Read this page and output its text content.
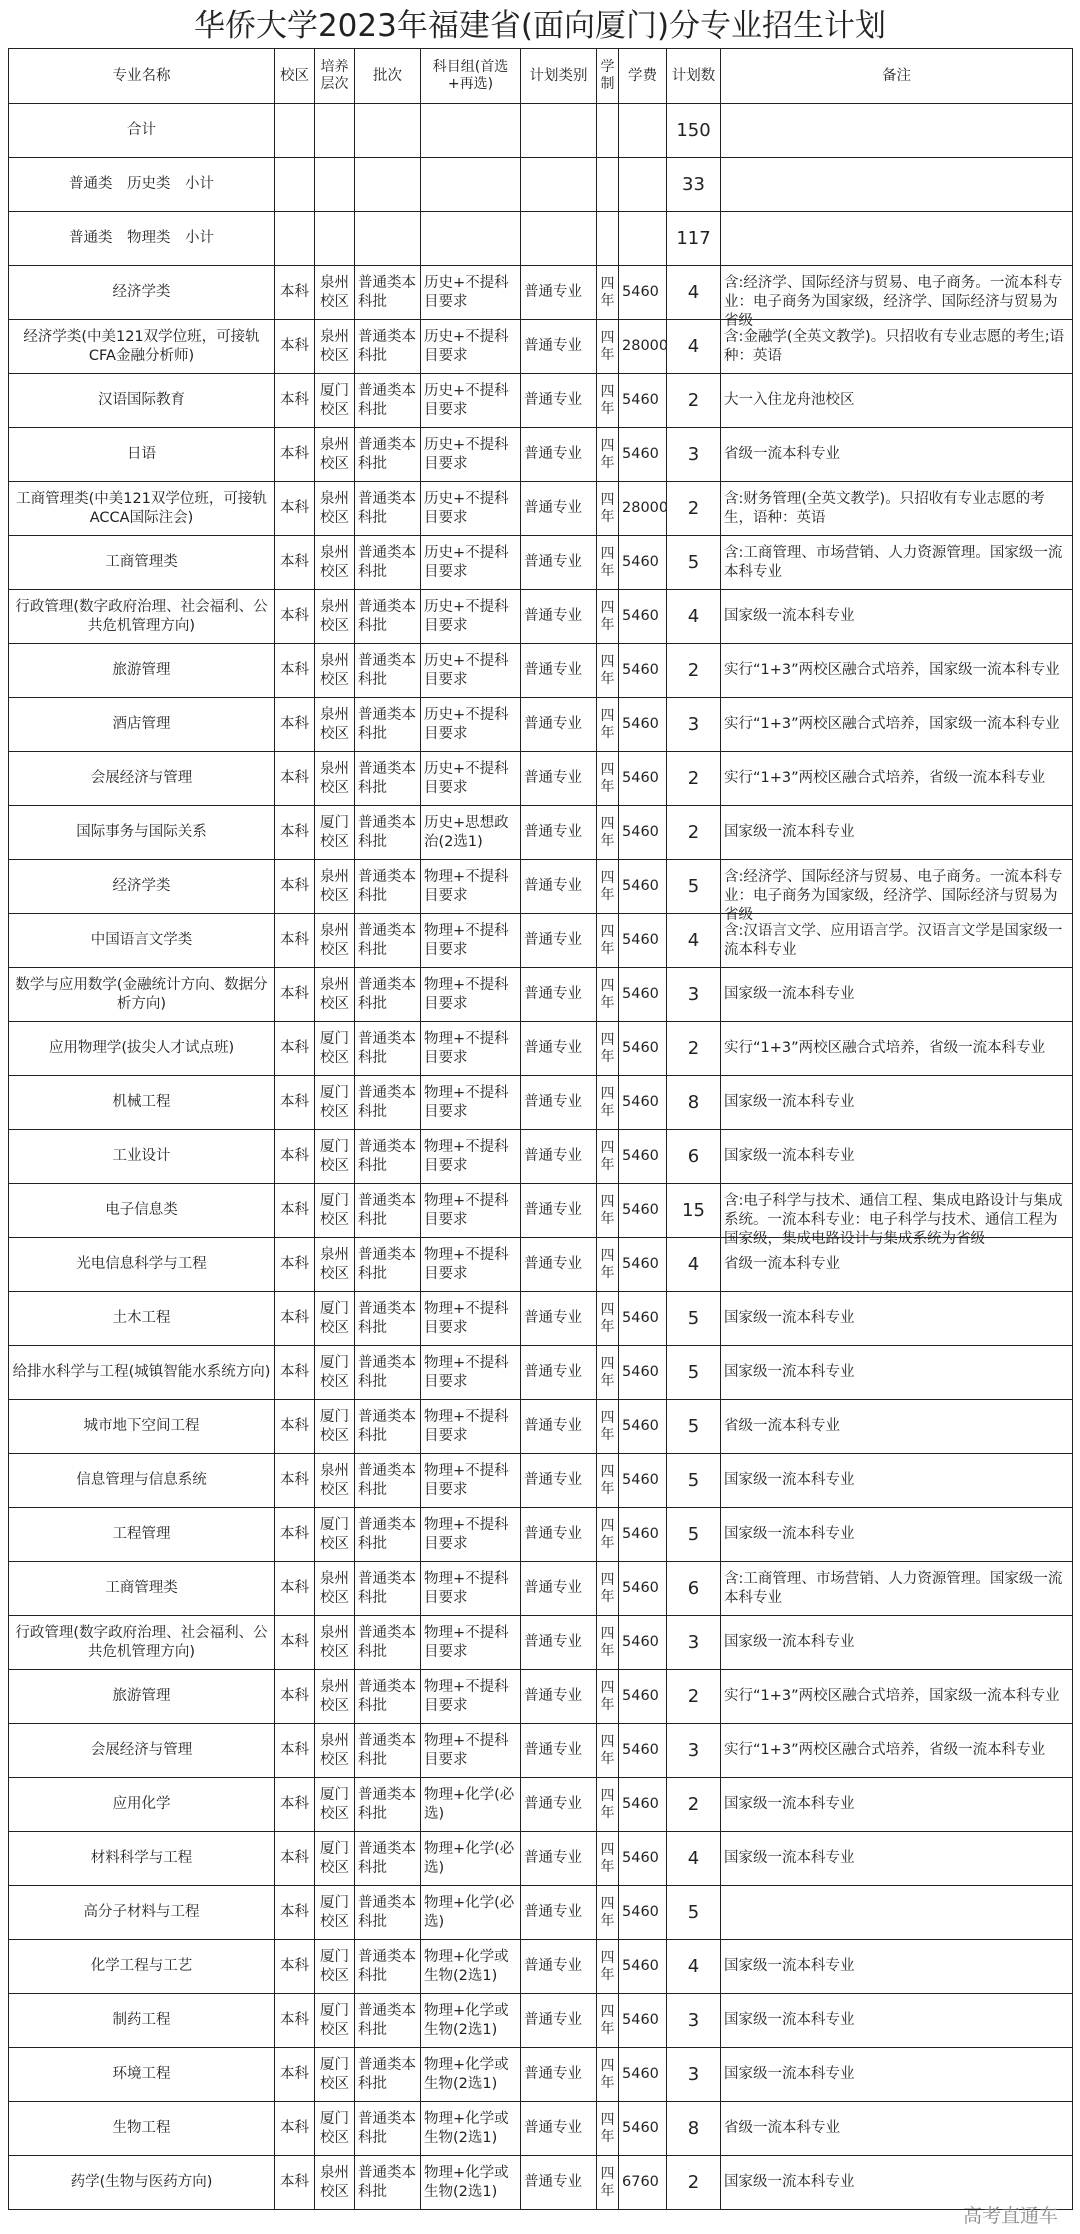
华侨大学2023年福建省(面向厦门)分专业招生计划
专业名称	校区	培养层次	批次	科目组(首选+再选)	计划类别	学制	学费	计划数	备注
合计								150	
普通类　历史类　小计								33	
普通类　物理类　小计								117	

经济学类	本科	泉州校区	普通类本科批	历史+不提科目要求	普通专业	四年	5460	4	含:经济学、国际经济与贸易、电子商务。一流本科专业：电子商务为国家级，经济学、国际经济与贸易为省级

经济学类(中美121双学位班，可接轨CFA金融分析师)	本科	泉州校区	普通类本科批	历史+不提科目要求	普通专业	四年	28000	4	含:金融学(全英文教学)。只招收有专业志愿的考生;语种：英语

汉语国际教育	本科	厦门校区	普通类本科批	历史+不提科目要求	普通专业	四年	5460	2	大一入住龙舟池校区

日语	本科	泉州校区	普通类本科批	历史+不提科目要求	普通专业	四年	5460	3	省级一流本科专业

工商管理类(中美121双学位班，可接轨ACCA国际注会)	本科	泉州校区	普通类本科批	历史+不提科目要求	普通专业	四年	28000	2	含:财务管理(全英文教学)。只招收有专业志愿的考生，语种：英语

工商管理类	本科	泉州校区	普通类本科批	历史+不提科目要求	普通专业	四年	5460	5	含:工商管理、市场营销、人力资源管理。国家级一流本科专业

行政管理(数字政府治理、社会福利、公共危机管理方向)	本科	泉州校区	普通类本科批	历史+不提科目要求	普通专业	四年	5460	4	国家级一流本科专业

旅游管理	本科	泉州校区	普通类本科批	历史+不提科目要求	普通专业	四年	5460	2	实行“1+3”两校区融合式培养，国家级一流本科专业

酒店管理	本科	泉州校区	普通类本科批	历史+不提科目要求	普通专业	四年	5460	3	实行“1+3”两校区融合式培养，国家级一流本科专业

会展经济与管理	本科	泉州校区	普通类本科批	历史+不提科目要求	普通专业	四年	5460	2	实行“1+3”两校区融合式培养，省级一流本科专业

国际事务与国际关系	本科	厦门校区	普通类本科批	历史+思想政治(2选1)	普通专业	四年	5460	2	国家级一流本科专业

经济学类	本科	泉州校区	普通类本科批	物理+不提科目要求	普通专业	四年	5460	5	含:经济学、国际经济与贸易、电子商务。一流本科专业：电子商务为国家级，经济学、国际经济与贸易为省级

中国语言文学类	本科	泉州校区	普通类本科批	物理+不提科目要求	普通专业	四年	5460	4	含:汉语言文学、应用语言学。汉语言文学是国家级一流本科专业

数学与应用数学(金融统计方向、数据分析方向)	本科	泉州校区	普通类本科批	物理+不提科目要求	普通专业	四年	5460	3	国家级一流本科专业

应用物理学(拔尖人才试点班)	本科	厦门校区	普通类本科批	物理+不提科目要求	普通专业	四年	5460	2	实行“1+3”两校区融合式培养，省级一流本科专业

机械工程	本科	厦门校区	普通类本科批	物理+不提科目要求	普通专业	四年	5460	8	国家级一流本科专业

工业设计	本科	厦门校区	普通类本科批	物理+不提科目要求	普通专业	四年	5460	6	国家级一流本科专业

电子信息类	本科	厦门校区	普通类本科批	物理+不提科目要求	普通专业	四年	5460	15	含:电子科学与技术、通信工程、集成电路设计与集成系统。一流本科专业：电子科学与技术、通信工程为国家级，集成电路设计与集成系统为省级

光电信息科学与工程	本科	泉州校区	普通类本科批	物理+不提科目要求	普通专业	四年	5460	4	省级一流本科专业

土木工程	本科	厦门校区	普通类本科批	物理+不提科目要求	普通专业	四年	5460	5	国家级一流本科专业

给排水科学与工程(城镇智能水系统方向)	本科	厦门校区	普通类本科批	物理+不提科目要求	普通专业	四年	5460	5	国家级一流本科专业

城市地下空间工程	本科	厦门校区	普通类本科批	物理+不提科目要求	普通专业	四年	5460	5	省级一流本科专业

信息管理与信息系统	本科	泉州校区	普通类本科批	物理+不提科目要求	普通专业	四年	5460	5	国家级一流本科专业

工程管理	本科	厦门校区	普通类本科批	物理+不提科目要求	普通专业	四年	5460	5	国家级一流本科专业

工商管理类	本科	泉州校区	普通类本科批	物理+不提科目要求	普通专业	四年	5460	6	含:工商管理、市场营销、人力资源管理。国家级一流本科专业

行政管理(数字政府治理、社会福利、公共危机管理方向)	本科	泉州校区	普通类本科批	物理+不提科目要求	普通专业	四年	5460	3	国家级一流本科专业

旅游管理	本科	泉州校区	普通类本科批	物理+不提科目要求	普通专业	四年	5460	2	实行“1+3”两校区融合式培养，国家级一流本科专业

会展经济与管理	本科	泉州校区	普通类本科批	物理+不提科目要求	普通专业	四年	5460	3	实行“1+3”两校区融合式培养，省级一流本科专业

应用化学	本科	厦门校区	普通类本科批	物理+化学(必选)	普通专业	四年	5460	2	国家级一流本科专业

材料科学与工程	本科	厦门校区	普通类本科批	物理+化学(必选)	普通专业	四年	5460	4	国家级一流本科专业

高分子材料与工程	本科	厦门校区	普通类本科批	物理+化学(必选)	普通专业	四年	5460	5	

化学工程与工艺	本科	厦门校区	普通类本科批	物理+化学或生物(2选1)	普通专业	四年	5460	4	国家级一流本科专业

制药工程	本科	厦门校区	普通类本科批	物理+化学或生物(2选1)	普通专业	四年	5460	3	国家级一流本科专业

环境工程	本科	厦门校区	普通类本科批	物理+化学或生物(2选1)	普通专业	四年	5460	3	国家级一流本科专业

生物工程	本科	厦门校区	普通类本科批	物理+化学或生物(2选1)	普通专业	四年	5460	8	省级一流本科专业

药学(生物与医药方向)	本科	泉州校区	普通类本科批	物理+化学或生物(2选1)	普通专业	四年	6760	2	国家级一流本科专业
高考直通车
